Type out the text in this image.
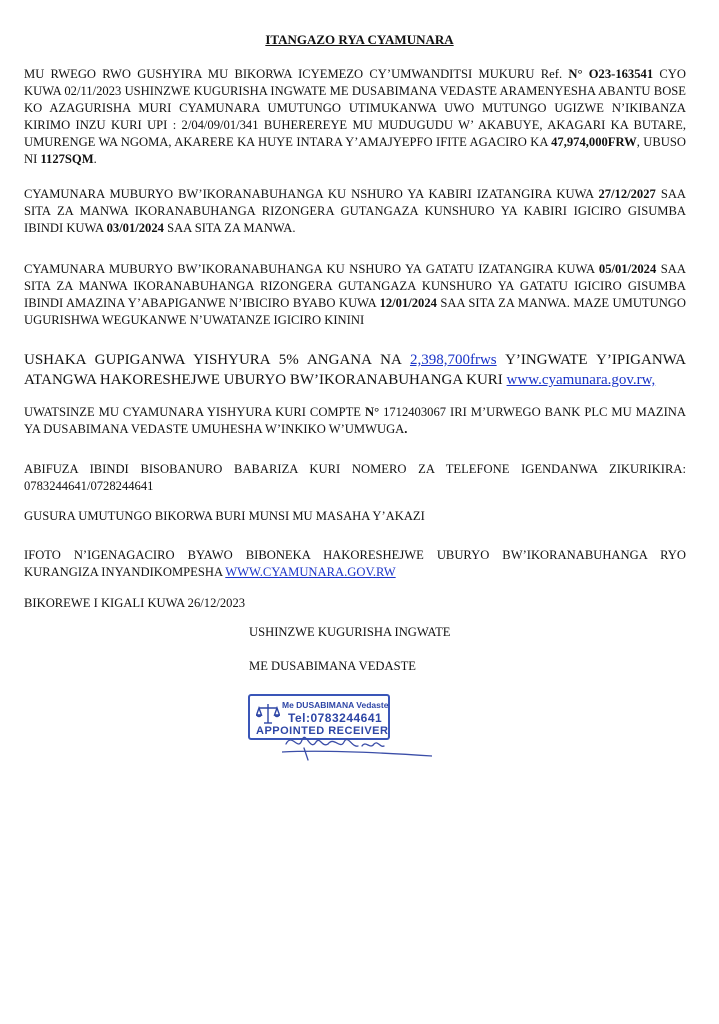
ITANGAZO RYA CYAMUNARA
MU RWEGO RWO GUSHYIRA MU BIKORWA ICYEMEZO CY’UMWANDITSI MUKURU Ref. N° O23-163541 CYO KUWA 02/11/2023 USHINZWE KUGURISHA INGWATE ME DUSABIMANA VEDASTE ARAMENYESHA ABANTU BOSE KO AZAGURISHA MURI CYAMUNARA UMUTUNGO UTIMUKANWA UWO MUTUNGO UGIZWE N’IKIBANZA KIRIMO INZU KURI UPI : 2/04/09/01/341 BUHEREREYE MU MUDUGUDU W’ AKABUYE, AKAGARI KA BUTARE, UMURENGE WA NGOMA, AKARERE KA HUYE INTARA Y’AMAJYEPFO IFITE AGACIRO KA 47,974,000FRW, UBUSO NI 1127SQM.
CYAMUNARA MUBURYO BW’IKORANABUHANGA KU NSHURO YA KABIRI IZATANGIRA KUWA 27/12/2027 SAA SITA ZA MANWA IKORANABUHANGA RIZONGERA GUTANGAZA KUNSHURO YA KABIRI IGICIRO GISUMBA IBINDI KUWA 03/01/2024 SAA SITA ZA MANWA.
CYAMUNARA MUBURYO BW’IKORANABUHANGA KU NSHURO YA GATATU IZATANGIRA KUWA 05/01/2024 SAA SITA ZA MANWA IKORANABUHANGA RIZONGERA GUTANGAZA KUNSHURO YA GATATU IGICIRO GISUMBA IBINDI AMAZINA Y’ABAPIGANWE N’IBICIRO BYABO KUWA 12/01/2024 SAA SITA ZA MANWA. MAZE UMUTUNGO UGURISHWA WEGUKANWE N’UWATANZE IGICIRO KININI
USHAKA GUPIGANWA YISHYURA 5% ANGANA NA 2,398,700frws Y’INGWATE Y’IPIGANWA ATANGWA HAKORESHEJWE UBURYO BW’IKORANABUHANGA KURI www.cyamunara.gov.rw,
UWATSINZE MU CYAMUNARA YISHYURA KURI COMPTE N° 1712403067 IRI M’URWEGO BANK PLC MU MAZINA YA DUSABIMANA VEDASTE UMUHESHA W’INKIKO W’UMWUGA.
ABIFUZA IBINDI BISOBANURO BABARIZA KURI NOMERO ZA TELEFONE IGENDANWA ZIKURIKIRA: 0783244641/0728244641
GUSURA UMUTUNGO BIKORWA BURI MUNSI MU MASAHA Y’AKAZI
IFOTO N’IGENAGACIRO BYAWO BIBONEKA HAKORESHEJWE UBURYO BW’IKORANABUHANGA RYO KURANGIZA INYANDIKOMPESHA WWW.CYAMUNARA.GOV.RW
BIKOREWE I KIGALI KUWA 26/12/2023
USHINZWE KUGURISHA INGWATE
ME DUSABIMANA VEDASTE
Me DUSABIMANA Vedaste
Tel:0783244641
APPOINTED RECEIVER
